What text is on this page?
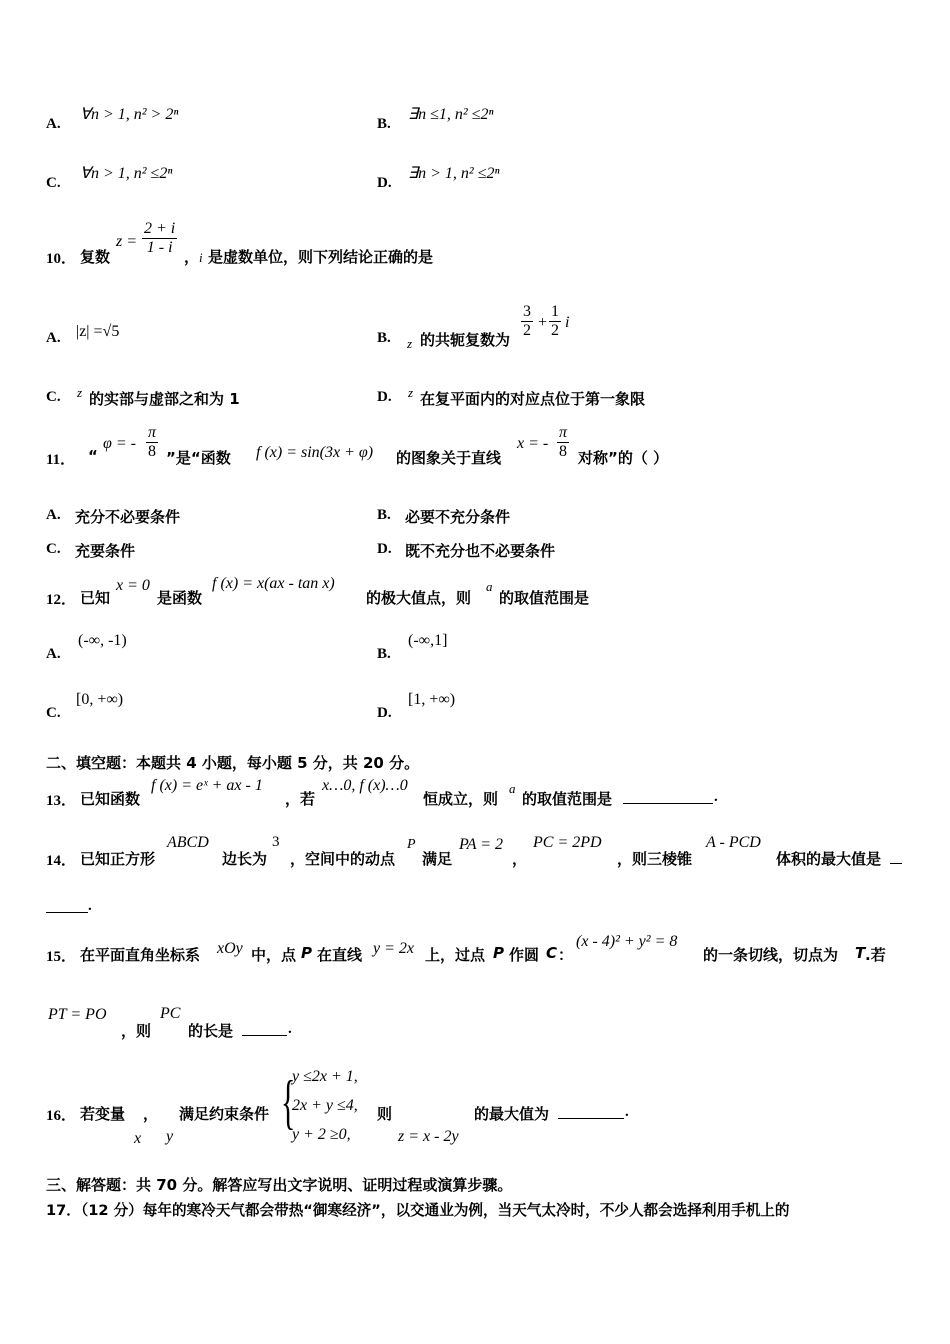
A.
∀n > 1, n² > 2ⁿ
B.
∃n ≤1, n² ≤2ⁿ
C.
∀n > 1, n² ≤2ⁿ
D.
∃n > 1, n² ≤2ⁿ
10． 复数
$z = \frac{2 + i}{1 - i}$ ， i 是虚数单位，则下列结论正确的是
A. |z| =√5	B. z 的共轭复数为 $\frac{3}{2} + \frac{1}{2}$ i
C. z 的实部与虚部之和为 1	D. z 在复平面内的对应点位于第一象限
11． “
φ = - $\frac{\pi}{8}$ ”是“函数 f (x) = sin(3x + φ) 的图象关于直线
x = - $\frac{\pi}{8}$ 对称”的（ ）
A. 充分不必要条件	B. 必要不充分条件
C. 充要条件	D. 既不充分也不必要条件
12． 已知
x = 0
是函数
f (x) = x(ax - tan x)
的极大值点，则
a
的取值范围是
A.
(-∞, -1)
B.
(-∞,1]
C.
[0, +∞)
D.
[1, +∞)
二、填空题：本题共 4 小题，每小题 5 分，共 20 分。
13． 已知函数
f (x) = eˣ + ax - 1
，若
x…0, f (x)…0
恒成立，则
a
的取值范围是	.
14． 已知正方形
ABCD
边长为
3
，空间中的动点
P
满足
PA = 2
，
PC = 2PD
，则三棱锥
A - PCD
体积的最大值是
.
15． 在平面直角坐标系 xOy 中，点 P 在直线 y = 2x 上，过点 P 作圆 C ：
(x - 4)² + y² = 8
的一条切线，切点为 T .若
PT = PO
，则
PC
的长是	.
16． 若变量 ， 满足约束条件 {
y ≤2x + 1,
2x + y ≤4,
y + 2 ≥0,
则	的最大值为	.
x y	z = x - 2y
三、解答题：共 70 分。解答应写出文字说明、证明过程或演算步骤。
17．（12 分）每年的寒冷天气都会带热“御寒经济”，以交通业为例，当天气太冷时，不少人都会选择利用手机上的
